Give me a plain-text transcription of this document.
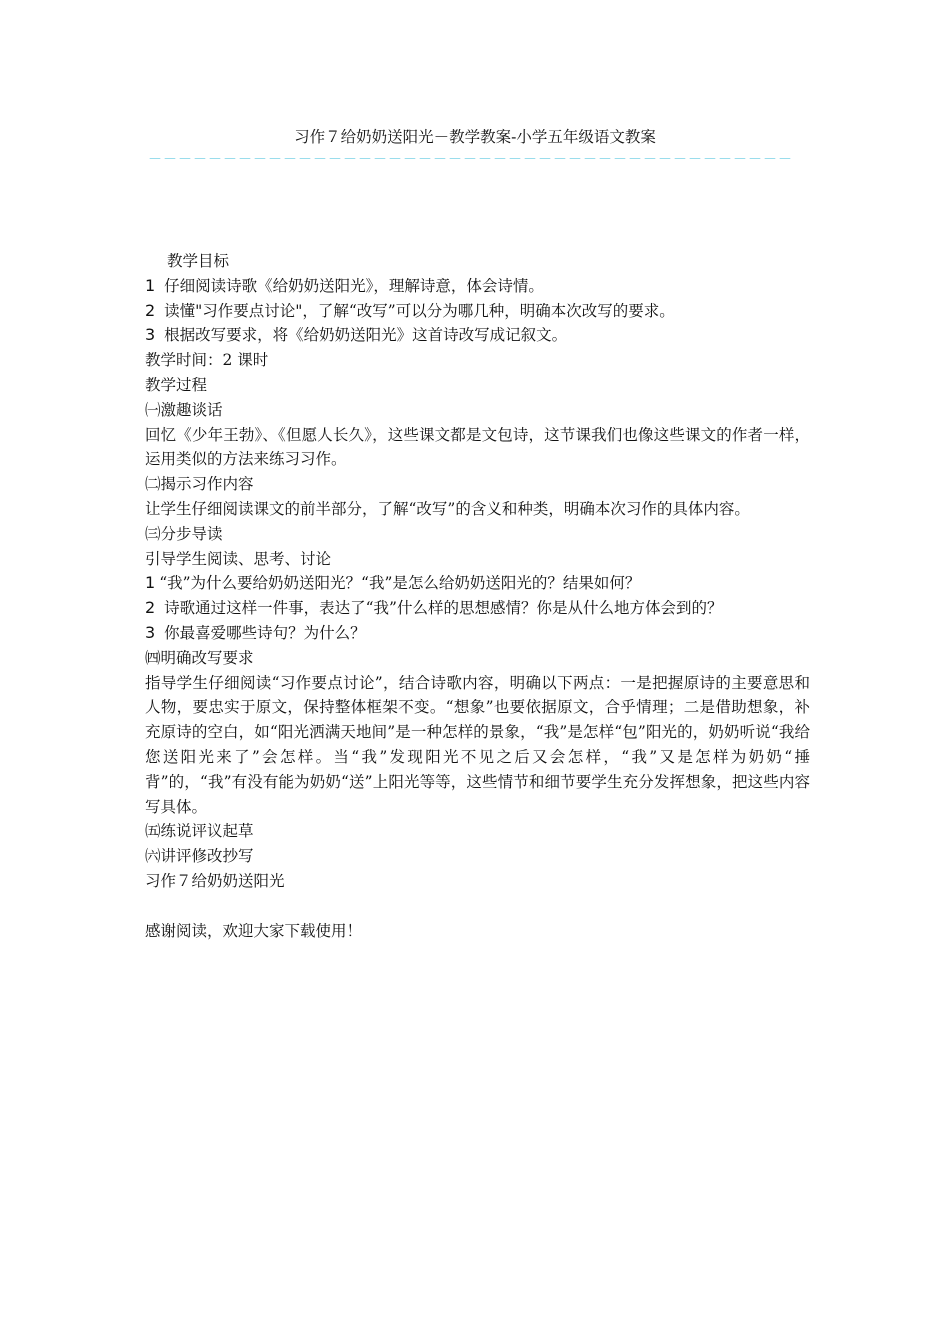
习作７给奶奶送阳光－教学教案-小学五年级语文教案
－－－－－－－－－－－－－－－－－－－－－－－－－－－－－－－－－－－－－－－－－－－
教学目标
1 仔细阅读诗歌《给奶奶送阳光》，理解诗意，体会诗情。
2 读懂"习作要点讨论"，了解“改写”可以分为哪几种，明确本次改写的要求。
3 根据改写要求，将《给奶奶送阳光》这首诗改写成记叙文。
教学时间：2 课时
教学过程
㈠激趣谈话
回忆《少年王勃》、《但愿人长久》，这些课文都是文包诗，这节课我们也像这些课文的作者一样，运用类似的方法来练习习作。
㈡揭示习作内容
让学生仔细阅读课文的前半部分，了解“改写”的含义和种类，明确本次习作的具体内容。
㈢分步导读
引导学生阅读、思考、讨论
1 “我”为什么要给奶奶送阳光？“我”是怎么给奶奶送阳光的？结果如何？
2 诗歌通过这样一件事，表达了“我”什么样的思想感情？你是从什么地方体会到的？
3 你最喜爱哪些诗句？为什么？
㈣明确改写要求
指导学生仔细阅读“习作要点讨论”，结合诗歌内容，明确以下两点：一是把握原诗的主要意思和人物，要忠实于原文，保持整体框架不变。“想象”也要依据原文，合乎情理；二是借助想象，补充原诗的空白，如“阳光洒满天地间”是一种怎样的景象，“我”是怎样“包”阳光的，奶奶听说“我给您送阳光来了”会怎样。当“我”发现阳光不见之后又会怎样，“我”又是怎样为奶奶“捶背”的，“我”有没有能为奶奶“送”上阳光等等，这些情节和细节要学生充分发挥想象，把这些内容写具体。
㈤练说评议起草
㈥讲评修改抄写
习作７给奶奶送阳光
感谢阅读，欢迎大家下载使用！
